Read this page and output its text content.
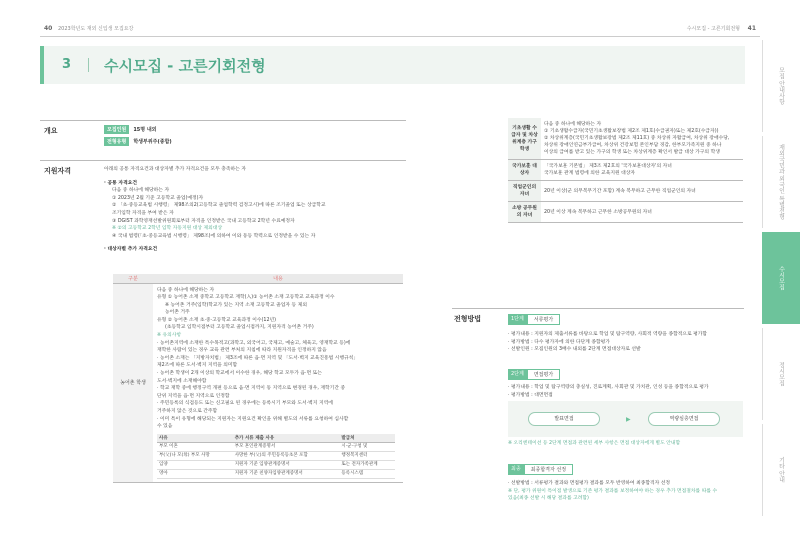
40 2023학년도 재외 신입생 모집요강	수시모집 - 고른기회전형 41
3 수시모집 - 고른기회전형
모집 안내사항
재외국민과 외국인 특별전형
수시모집
정시모집
기타 안내
개요	모집인원 15명 내외
전형유형 학생부위주(종합)
지원자격	아래의 공통 자격요건과 대상자별 추가 자격요건을 모두 충족하는 자
· 공통 자격요건
다음 중 하나에 해당하는 자
① 2023년 2월 기준 고등학교 졸업(예정)자
② 「초·중등교육법 시행령」 제98조의2(고등학교 졸업학력 검정고시)에 따른 조기졸업 또는 상급학교
조기입학 자격을 부여 받은 자
③ DGIST 과학영재선발위원회로부터 자격을 인정받은 국내 고등학교 2학년 수료예정자
※ ②의 고등학교 2학년 입학 자동지원 대상 제외대상
④ 국내 법령(「초·중등교육법 시행령」 제98조)에 의하여 이와 동등 학력으로 인정받을 수 있는 자
· 대상자별 추가 자격요건
구분	내용
농어촌 학생	
다음 중 하나에 해당하는 자
유형 ① 농어촌 소재 중학교 고등학교 재학(入)① 농어촌 소재 고등학교 교육과정 이수
※ 농어촌 거주(입학)학교가 있는 지역 소재 고등학교 졸업자 등 제외
농어촌 거주
유형 ② 농어촌 소재 초·중·고등학교 교육과정 이수(12년)
(초등학교 입학시점부터 고등학교 졸업시점까지, 지원자격 농어촌 거주)
※ 유의사항
· 농어촌지역에 소재한 특수목적고(과학고, 외국어고, 국제고, 예술고, 체육고, 영재학교 등)에
재학한 사람이 있는 경우 교육 관련 부처의 지침에 따라 지원자격을 인정하지 않음
· 농어촌 소재는 「지방자치법」 제3조에 따른 읍·면 지역 및 「도서·벽지 교육진흥법 시행규칙」
제2조에 따른 도서·벽지 지역을 의미함
· 농어촌 학생이 2개 이상의 학교에서 이수한 경우, 해당 학교 모두가 읍·면 또는
도서·벽지에 소재해야함
· 학교 재학 중에 행정구역 개편 등으로 읍·면 지역이 동 지역으로 변경된 경우, 재학기간 중
단위 지역을 읍·면 지역으로 인정함
· 주민등록의 식겁등도 또는 신고필요 된 경우에는 등록시기 부모와 도서·벽지 지역에
거주하지 않은 것으로 간주함
· 이미 특이 유형에 해당되는 지원자는 지원요건 확인을 위해 별도의 서류를 요청하여 심사할
수 있음
사유	추가 서류 제출 사유	발급처
부모 이혼	부모 혼인관계증명서	시·군·구청 및
부(父)나 모(母) 부모 사망	사망한 부(父)의 주민등록등초본 포함	행정복지센터
입양	지원자 기준 입양관계증명서	또는 전자가족관계
영아	지원자 기준 친양자입양관계증명서	등록시스템
기초생활 수급자 및 차상위계층 가구 학생	다음 중 하나에 해당하는 자
① 기초생활수급자(국민기초생활보장법 제2조 제1호(수급권자)또는 제2호(수급자))
② 차상위계층(국민기초생활보장법 제2조 제11호) 중 차상위 자활급여, 차상위 장애수당,
차상위 장애인연금부가급여, 차상위 건강보험 본인부담 경감, 한부모가족지원 중 하나
이상의 급여를 받고 있는 가구의 학생 또는 차상위계층 확인서 발급 대상 가구의 학생

국가보훈 대상자	「국가보훈 기본법」 제3조 제2호의 '국가보훈대상자'의 자녀
국가보훈 관계 법령에 의한 교육지원 대상자

직업군인의 자녀	20년 이상(군 의무복무기간 포함) 계속 복무하고 근무한 직업군인의 자녀

소방 공무원의 자녀	20년 이상 계속 복무하고 근무한 소방공무원의 자녀
전형방법	1단계	서류평가
· 평가내용 : 지원자의 제출서류를 바탕으로 학업 및 탐구역량, 사회적 역량을 종합적으로 평가함
· 평가방법 : 다수 평가자에 의한 다단계 종합평가
· 선발인원 : 모집인원의 3배수 내외를 2단계 면접대상자로 선발
2단계	면접평가
· 평가내용 : 학업 및 탐구역량의 충실성, 진로계획, 사회관 및 가치관, 인성 등을 종합적으로 평가
· 평가방법 : 대면면접
발표면접	▶	역량심층면접
※ 오리엔테이션 등 2단계 면접과 관련된 세부 사항은 면접 대상자에게 별도 안내함
최종	최종합격자 선정
· 선발방법 : 서류평가 결과와 면접평가 결과를 모두 반영하여 최종합격자 선정
※ 단, 평가 위원이 특이점 발생으로 기존 평가 결과를 보정하여야 하는 경우 추가 면접절차를 따를 수
있음(최종 선발 시 해당 결과를 고려함)
